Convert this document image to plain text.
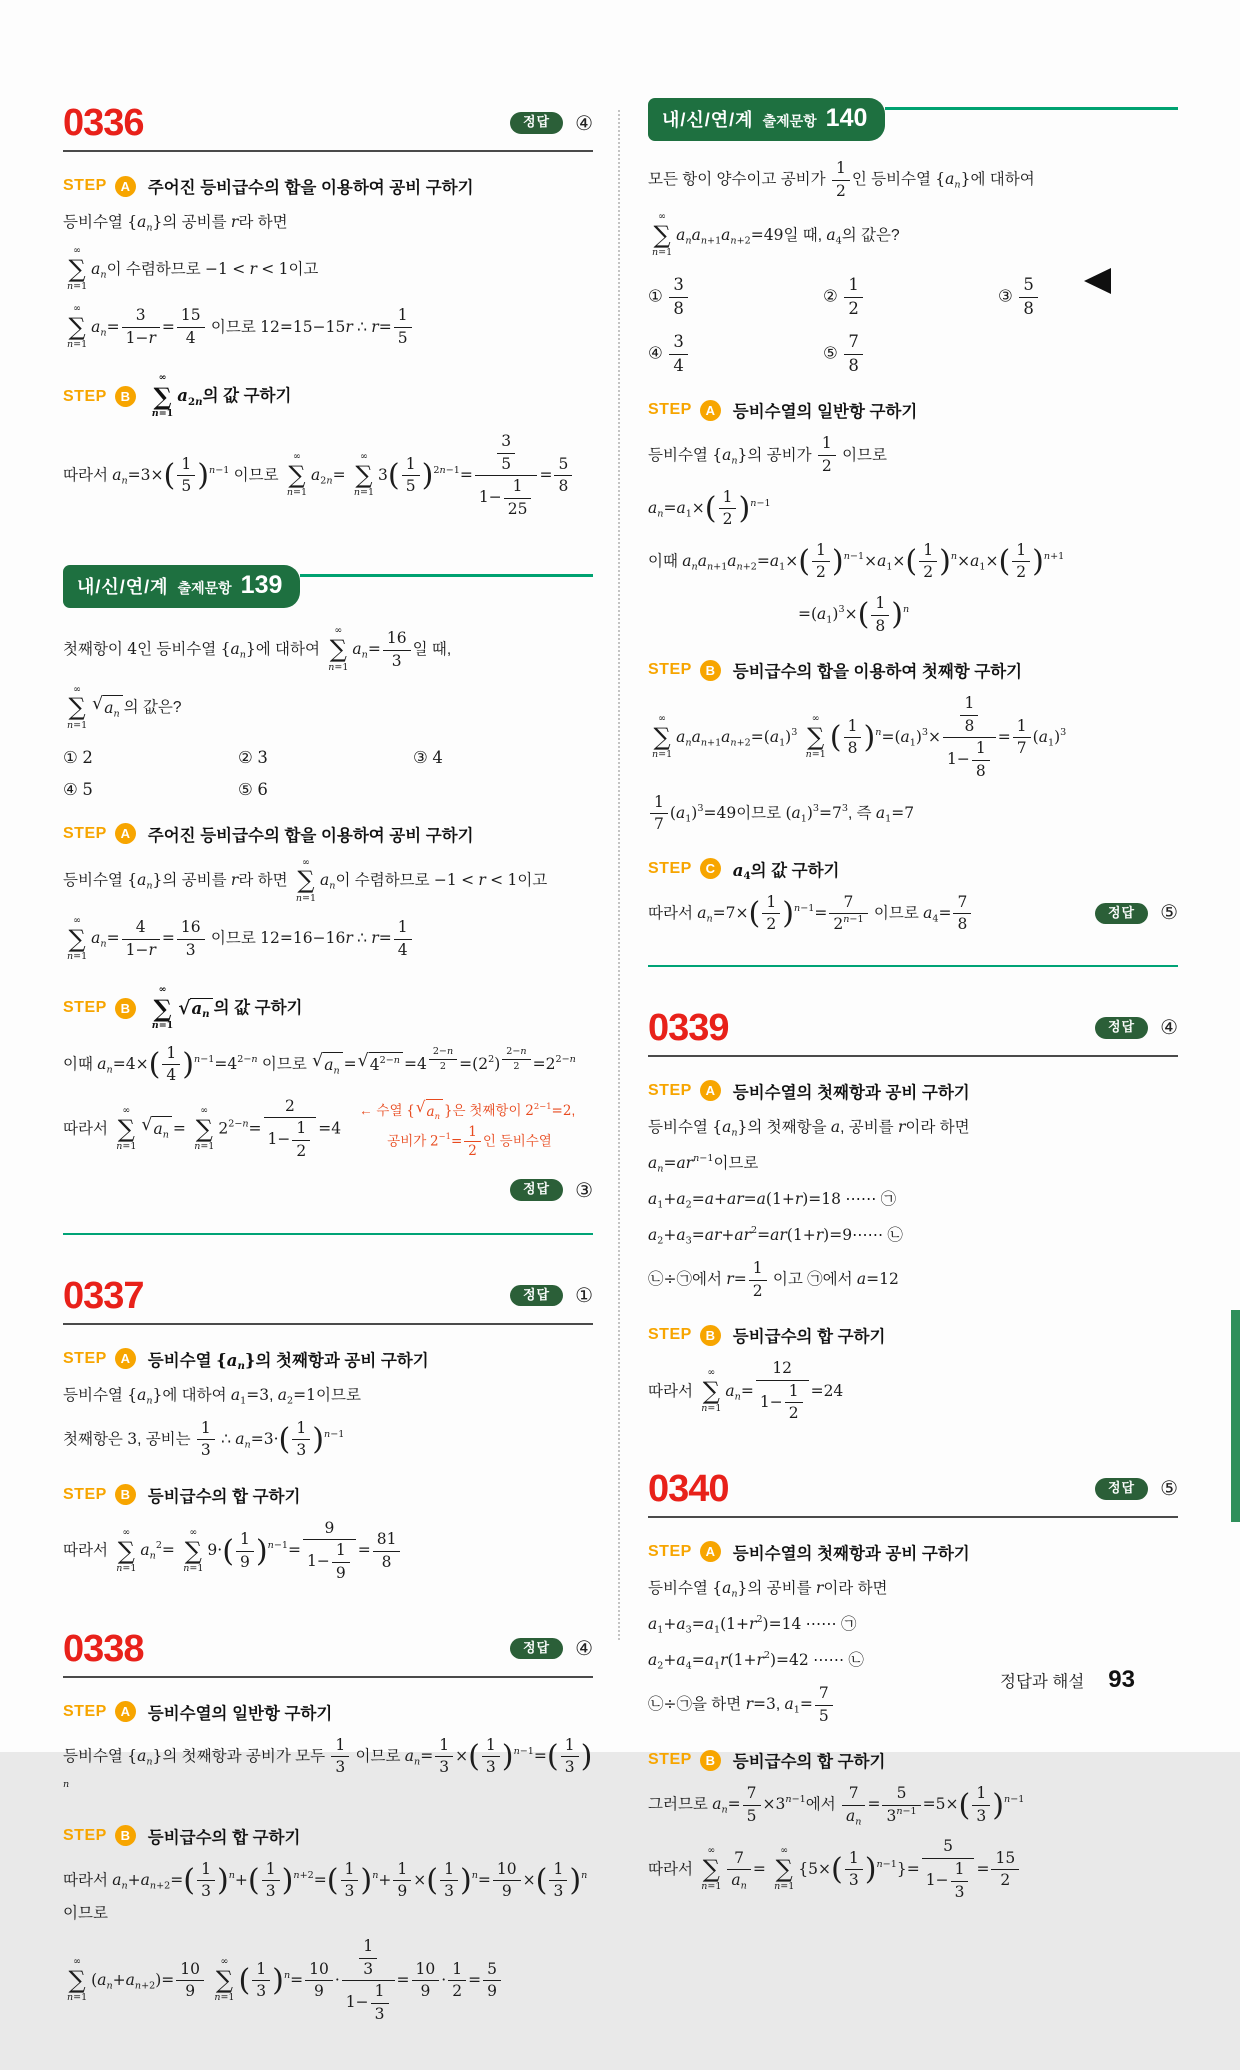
0336	정답	④
STEP	A	주어진 등비급수의 합을 이용하여 공비 구하기
등비수열 $\{a_n\}$의 공비를 r라 하면
∞
∑
n=1
$a_n$이 수렴하므로 −1 < r < 1이고
∞
∑
n=1
$a_n= \frac{3}{1-r} = \frac{15}{4}$ 이므로 12=15−15r ∴ $r= \frac{1}{5}$
STEP	B
∞
∑
n=1
$a_{2n}$의 값 구하기
따라서 $a_n=3\times$ ( $\frac{1}{5}$ ) $^{n-1}$ 이므로
∞
∑
n=1
$a_{2n}=$
∞
∑
n=1
3 ( $\frac{1}{5}$ ) $^{2n-1}= \frac{\frac{3}{5}}{1- \frac{1}{25}} = \frac{5}{8}$
내/신/연/계 출제문항 139
첫째항이 4인 등비수열 $\{a_n\}$에 대하여
∞
∑
n=1
$a_n= \frac{16}{3}$ 일 때,
∞
∑
n=1
√ $a_n$ 의 값은?
① 2	② 3	③ 4
④ 5	⑤ 6
STEP	A	주어진 등비급수의 합을 이용하여 공비 구하기
등비수열 $\{a_n\}$의 공비를 r라 하면
∞
∑
n=1
$a_n$이 수렴하므로 −1 < r < 1이고
∞
∑
n=1
$a_n= \frac{4}{1-r} = \frac{16}{3}$ 이므로 12=16−16r ∴ $r= \frac{1}{4}$
STEP	B
∞
∑
n=1
√ $a_n$ 의 값 구하기
이때 $a_n=4\times$ ( $\frac{1}{4}$ ) $^{n-1}=4^{2-n}$ 이므로 √ $a_n$ = √ $4^{2-n} =4$ $^{\frac{2-n}{2}} =(2^2)$ $^{\frac{2-n}{2}} =2^{2-n}$
따라서
∞
∑
n=1
√ $a_n$ =
∞
∑
n=1
$2^{2-n}= \frac{2}{1- \frac{1}{2}} =4$
← 수열 { √ $a_n$ }은 첫째항이 $2^{2-1}=2$,
공비가 $2^{-1}= \frac{1}{2}$ 인 등비수열
정답	③
0337	정답	①
STEP	A	등비수열 $\{a_n\}$의 첫째항과 공비 구하기
등비수열 $\{a_n\}$에 대하여 $a_1=3$, $a_2=1$이므로
첫째항은 3, 공비는 $\frac{1}{3}$ ∴ $a_n=3\cdot$ ( $\frac{1}{3}$ ) $^{n-1}$
STEP	B	등비급수의 합 구하기
따라서
∞
∑
n=1
$a_n^2=$
∞
∑
n=1
9· ( $\frac{1}{9}$ ) $^{n-1}= \frac{9}{1- \frac{1}{9}} = \frac{81}{8}$
0338	정답	④
STEP	A	등비수열의 일반항 구하기
등비수열 $\{a_n\}$의 첫째항과 공비가 모두 $\frac{1}{3}$ 이므로 $a_n= \frac{1}{3}$ × ( $\frac{1}{3}$ ) $^{n-1}$= ( $\frac{1}{3}$ )
$^n$
STEP	B	등비급수의 합 구하기
따라서 $a_n+a_{n+2}=$ ( $\frac{1}{3}$ ) $^n$+ ( $\frac{1}{3}$ ) $^{n+2}$= ( $\frac{1}{3}$ ) $^n+ \frac{1}{9}$ × ( $\frac{1}{3}$ ) $^n= \frac{10}{9}$ × ( $\frac{1}{3}$ ) $^n$ 이므로
∞
∑
n=1
$(a_n+a_{n+2})= \frac{10}{9}$
∞
∑
n=1 ( $\frac{1}{3}$ ) $^n= \frac{10}{9} \cdot \frac{\frac{1}{3}}{1- \frac{1}{3}} = \frac{10}{9} \cdot \frac{1}{2} = \frac{5}{9}$
내/신/연/계 출제문항 140
모든 항이 양수이고 공비가 $\frac{1}{2}$ 인 등비수열 $\{a_n\}$에 대하여
∞
∑
n=1
$a_na_{n+1}a_{n+2}=49$일 때, $a_4$의 값은?
① $\frac{3}{8}$	② $\frac{1}{2}$	③ $\frac{5}{8}$
④ $\frac{3}{4}$	⑤ $\frac{7}{8}$
STEP	A	등비수열의 일반항 구하기
등비수열 $\{a_n\}$의 공비가 $\frac{1}{2}$ 이므로
$a_n=a_1\times$ ( $\frac{1}{2}$ ) $^{n-1}$
이때 $a_na_{n+1}a_{n+2}=a_1\times$ ( $\frac{1}{2}$ ) $^{n-1}\times a_1\times$ ( $\frac{1}{2}$ ) $^n\times a_1\times$ ( $\frac{1}{2}$ ) $^{n+1}$
$=(a_1)^3\times$ ( $\frac{1}{8}$ ) $^n$
STEP	B	등비급수의 합을 이용하여 첫째항 구하기
∞
∑
n=1
$a_na_{n+1}a_{n+2}=(a_1)^3$
∞
∑
n=1 ( $\frac{1}{8}$ ) $^n=(a_1)^3\times \frac{\frac{1}{8}}{1- \frac{1}{8}} = \frac{1}{7} (a_1)^3$
$\frac{1}{7} (a_1)^3=49$이므로 $(a_1)^3=7^3$, 즉 $a_1=7$
STEP	C	$a_4$의 값 구하기
따라서 $a_n=7\times$ ( $\frac{1}{2}$ ) $^{n-1}= \frac{7}{2^{n-1}}$ 이므로 $a_4= \frac{7}{8}$	정답	⑤
0339	정답	④
STEP	A	등비수열의 첫째항과 공비 구하기
등비수열 $\{a_n\}$의 첫째항을 a, 공비를 r이라 하면
$a_n=ar^{n-1}$이므로
$a_1+a_2=a+ar=a(1+r)=18$ ⋯⋯ ㉠
$a_2+a_3=ar+ar^2=ar(1+r)=9\cdots\cdots$ ㉡
㉡÷㉠에서 $r= \frac{1}{2}$ 이고 ㉠에서 a=12
STEP	B	등비급수의 합 구하기
따라서
∞
∑
n=1
$a_n= \frac{12}{1- \frac{1}{2}} =24$
0340	정답	⑤
STEP	A	등비수열의 첫째항과 공비 구하기
등비수열 $\{a_n\}$의 공비를 r이라 하면
$a_1+a_3=a_1(1+r^2)=14$ ⋯⋯ ㉠
$a_2+a_4=a_1r(1+r^2)=42$ ⋯⋯ ㉡
㉡÷㉠을 하면 r=3, $a_1= \frac{7}{5}$
STEP	B	등비급수의 합 구하기
그러므로 $a_n= \frac{7}{5} \times 3^{n-1}$에서 $\frac{7}{a_n} = \frac{5}{3^{n-1}} =5\times$ ( $\frac{1}{3}$ ) $^{n-1}$
따라서
∞
∑
$n=1 \frac{7}{a_n}$ =
∞
∑
n=1
{5× ( $\frac{1}{3}$ ) $^{n-1}\}= \frac{5}{1- \frac{1}{3}} = \frac{15}{2}$
정답과 해설 93
